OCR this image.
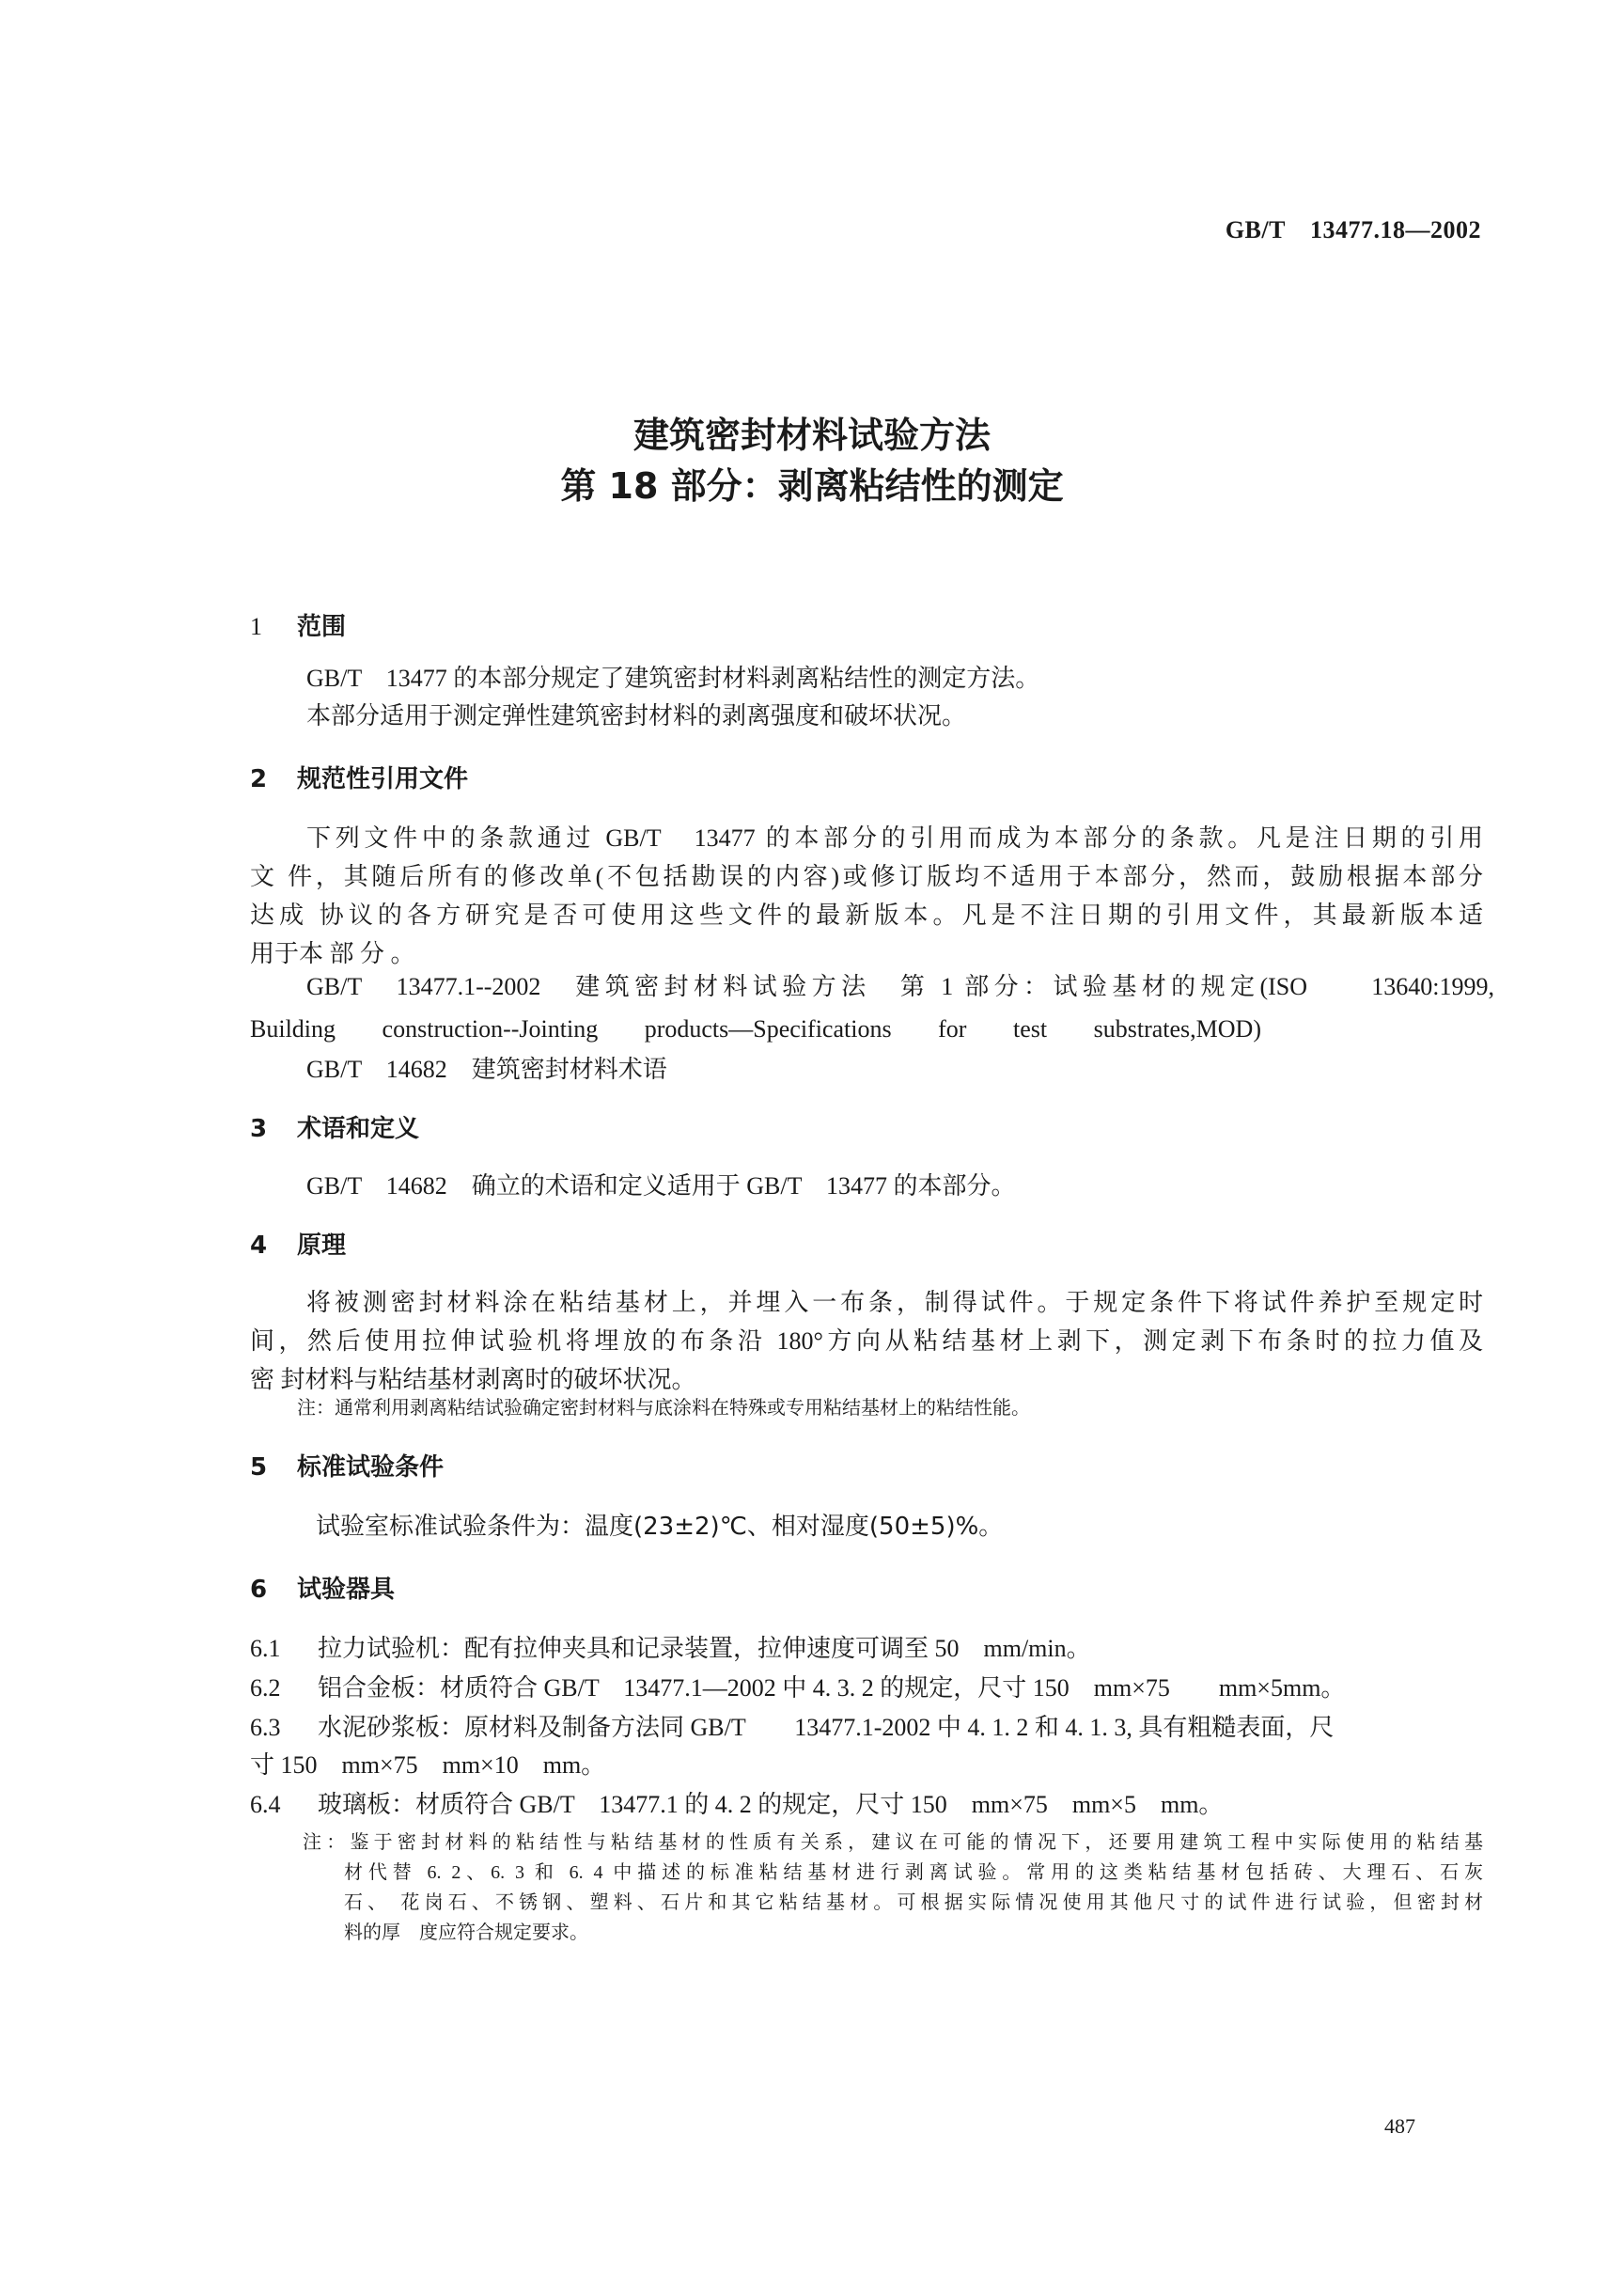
GB/T　13477.18—2002
建筑密封材料试验方法
第 18 部分：剥离粘结性的测定
1 范围
GB/T　13477 的本部分规定了建筑密封材料剥离粘结性的测定方法。
本部分适用于测定弹性建筑密封材料的剥离强度和破坏状况。
2 规范性引用文件
下列文件中的条款通过 GB/T　13477 的本部分的引用而成为本部分的条款。凡是注日期的引用
文 件，其随后所有的修改单(不包括勘误的内容)或修订版均不适用于本部分，然而，鼓励根据本部分
达成 协议的各方研究是否可使用这些文件的最新版本。凡是不注日期的引用文件，其最新版本适
用于本 部 分 。
GB/T　13477.1--2002　建筑密封材料试验方法　第 1 部分：试验基材的规定(ISO　　13640:1999,
Building　construction--Jointing　products—Specifications　for　test　substrates,MOD)
GB/T　14682　建筑密封材料术语
3 术语和定义
GB/T　14682　确立的术语和定义适用于 GB/T　13477 的本部分。
4 原理
将被测密封材料涂在粘结基材上，并埋入一布条，制得试件。于规定条件下将试件养护至规定时
间，然后使用拉伸试验机将埋放的布条沿 180°方向从粘结基材上剥下，测定剥下布条时的拉力值及
密 封材料与粘结基材剥离时的破坏状况。
注：通常利用剥离粘结试验确定密封材料与底涂料在特殊或专用粘结基材上的粘结性能。
5 标准试验条件
试验室标准试验条件为：温度(23±2)℃、相对湿度(50±5)%。
6 试验器具
6.1 拉力试验机：配有拉伸夹具和记录装置，拉伸速度可调至 50　mm/min。
6.2 铝合金板：材质符合 GB/T　13477.1—2002 中 4. 3. 2 的规定，尺寸 150　mm×75　　mm×5mm。
6.3 水泥砂浆板：原材料及制备方法同 GB/T　　13477.1-2002 中 4. 1. 2 和 4. 1. 3, 具有粗糙表面，尺
寸 150　mm×75　mm×10　mm。
6.4 玻璃板：材质符合 GB/T　13477.1 的 4. 2 的规定，尺寸 150　mm×75　mm×5　mm。
注：鉴于密封材料的粘结性与粘结基材的性质有关系，建议在可能的情况下，还要用建筑工程中实际使用的粘结基
材代替 6. 2、6. 3 和 6. 4 中描述的标准粘结基材进行剥离试验。常用的这类粘结基材包括砖、大理石、石灰
石、 花岗石、不锈钢、塑料、石片和其它粘结基材。可根据实际情况使用其他尺寸的试件进行试验，但密封材
料的厚　度应符合规定要求。
487
